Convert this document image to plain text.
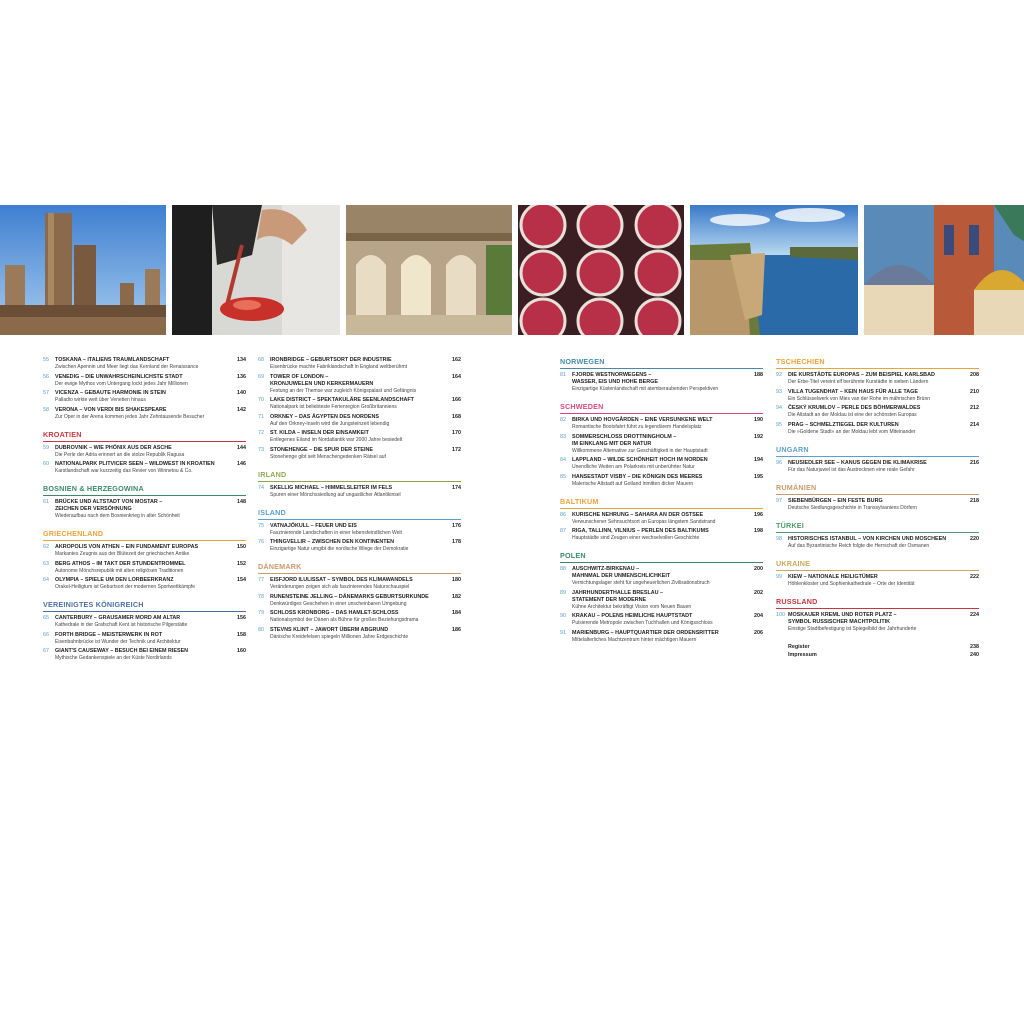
55	TOSKANA – ITALIENS TRAUMLANDSCHAFT	134
Zwischen Apennin und Meer liegt das Kernland der Renaissance
56	VENEDIG – DIE UNWAHRSCHEINLICHSTE STADT	136
Der ewige Mythos vom Untergang lockt jedes Jahr Millionen
57	VICENZA – GEBAUTE HARMONIE IN STEIN	140
Palladio wirkte weit über Venetien hinaus
58	VERONA – VON VERDI BIS SHAKESPEARE	142
Zur Oper in der Arena kommen jedes Jahr Zehntausende Besucher
KROATIEN
59	DUBROVNIK – WIE PHÖNIX AUS DER ASCHE	144
Die Perle der Adria erinnert an die stolze Republik Ragusa
60	NATIONALPARK PLITVICER SEEN – WILDWEST IN KROATIEN	146
Karstlandschaft war kurzzeitig das Revier von Winnetou & Co.
BOSNIEN & HERZEGOWINA
61	BRÜCKE UND ALTSTADT VON MOSTAR –	148
ZEICHEN DER VERSÖHNUNG
Wiederaufbau nach dem Bosnienkrieg in alter Schönheit
GRIECHENLAND
62	AKROPOLIS VON ATHEN – EIN FUNDAMENT EUROPAS	150
Markantes Zeugnis aus der Blütezeit der griechischen Antike
63	BERG ATHOS – IM TAKT DER STUNDENTROMMEL	152
Autonome Mönchsrepublik mit alten religiösen Traditionen
64	OLYMPIA – SPIELE UM DEN LORBEERKRANZ	154
Orakel-Heiligtum ist Geburtsort der modernen Sportwettkämpfe
VEREINIGTES KÖNIGREICH
65	CANTERBURY – GRAUSAMER MORD AM ALTAR	156
Kathedrale in der Grafschaft Kent ist historische Pilgerstätte
66	FORTH BRIDGE – MEISTERWERK IN ROT	158
Eisenbahnbrücke ist Wunder der Technik und Architektur
67	GIANT'S CAUSEWAY – BESUCH BEI EINEM RIESEN	160
Mythische Gedankenspiele an der Küste Nordirlands
68	IRONBRIDGE – GEBURTSORT DER INDUSTRIE	162
Eisenbrücke machte Fabriklandschaft in England weltberühmt
69	TOWER OF LONDON –	164
KRONJUWELEN UND KERKERMAUERN
Festung an der Themse war zugleich Königspalast und Gefängnis
70	LAKE DISTRICT – SPEKTAKULÄRE SEENLANDSCHAFT	166
Nationalpark ist beliebteste Ferienregion Großbritanniens
71	ORKNEY – DAS ÄGYPTEN DES NORDENS	168
Auf den Orkney-Inseln wird die Jungsteinzeit lebendig
72	ST. KILDA – INSELN DER EINSAMKEIT	170
Entlegenes Eiland im Nordatlantik war 2000 Jahre besiedelt
73	STONEHENGE – DIE SPUR DER STEINE	172
Stonehenge gibt seit Menschengedenken Rätsel auf
IRLAND
74	SKELLIG MICHAEL – HIMMELSLEITER IM FELS	174
Spuren einer Mönchssiedlung auf ungastlicher Atlantikinsel
ISLAND
75	VATNAJÖKULL – FEUER UND EIS	176
Faszinierende Landschaften in einer lebensfeindlichen Welt
76	THINGVELLIR – ZWISCHEN DEN KONTINENTEN	178
Einzigartige Natur umgibt die nordische Wiege der Demokratie
DÄNEMARK
77	EISFJORD ILULISSAT – SYMBOL DES KLIMAWANDELS	180
Veränderungen zeigen sich als faszinierendes Naturschauspiel
78	RUNENSTEINE JELLING – DÄNEMARKS GEBURTSURKUNDE	182
Denkwürdiges Geschehen in einer unscheinbaren Umgebung
79	SCHLOSS KRONBORG – DAS HAMLET-SCHLOSS	184
Nationalsymbol der Dänen als Bühne für großes Beziehungsdrama
80	STEVNS KLINT – JAWORT ÜBERM ABGRUND	186
Dänische Kreidefelsen spiegeln Millionen Jahre Erdgeschichte
NORWEGEN
81	FJORDE WESTNORWEGENS –	188
WASSER, EIS UND HOHE BERGE
Einzigartige Küstenlandschaft mit atemberaubenden Perspektiven
SCHWEDEN
82	BIRKA UND HOVGÅRDEN – EINE VERSUNKENE WELT	190
Romantische Bootsfahrt führt zu legendärem Handelsplatz
83	SOMMERSCHLOSS DROTTNINGHOLM –	192
IM EINKLANG MIT DER NATUR
Willkommene Alternative zur Geschäftigkeit in der Hauptstadt
84	LAPPLAND – WILDE SCHÖNHEIT HOCH IM NORDEN	194
Unendliche Weiten am Polarkreis mit unberührter Natur
85	HANSESTADT VISBY – DIE KÖNIGIN DES MEERES	195
Malerische Altstadt auf Gotland inmitten dicker Mauern
BALTIKUM
86	KURISCHE NEHRUNG – SAHARA AN DER OSTSEE	196
Verwunschener Sehnsuchtsort an Europas längstem Sandstrand
87	RIGA, TALLINN, VILNIUS – PERLEN DES BALTIKUMS	198
Hauptstädte sind Zeugen einer wechselvollen Geschichte
POLEN
88	AUSCHWITZ-BIRKENAU –	200
MAHNMAL DER UNMENSCHLICHKEIT
Vernichtungslager steht für ungeheuerlichen Zivilisationsbruch
89	JAHRHUNDERTHALLE BRESLAU –	202
STATEMENT DER MODERNE
Kühne Architektur bekräftigt Vision vom Neuen Bauen
90	KRAKAU – POLENS HEIMLICHE HAUPTSTADT	204
Pulsierende Metropole zwischen Tuchhallen und Königsschloss
91	MARIENBURG – HAUPTQUARTIER DER ORDENSRITTER	206
Mittelalterliches Machtzentrum hinter mächtigen Mauern
TSCHECHIEN
92	DIE KURSTÄDTE EUROPAS – ZUM BEISPIEL KARLSBAD	208
Der Erbe-Titel vereint elf berühmte Kurstädte in sieben Ländern
93	VILLA TUGENDHAT – KEIN HAUS FÜR ALLE TAGE	210
Ein Schlüsselwerk von Mies van der Rohe im mährischen Brünn
94	ČESKÝ KRUMLOV – PERLE DES BÖHMERWALDES	212
Die Altstadt an der Moldau ist eine der schönsten Europas
95	PRAG – SCHMELZTIEGEL DER KULTUREN	214
Die »Goldene Stadt« an der Moldau lebt vom Miteinander
UNGARN
96	NEUSIEDLER SEE – KANUS GEGEN DIE KLIMAKRISE	216
Für das Naturjuwel ist das Austrocknen eine reale Gefahr
RUMÄNIEN
97	SIEBENBÜRGEN – EIN FESTE BURG	218
Deutsche Siedlungsgeschichte in Transsylvaniens Dörfern
TÜRKEI
98	HISTORISCHES ISTANBUL – VON KIRCHEN UND MOSCHEEN	220
Auf das Byzantinische Reich folgte die Herrschaft der Osmanen
UKRAINE
99	KIEW – NATIONALE HEILIGTÜMER	222
Höhlenkloster und Sophienkathedrale – Orte der Identität
RUSSLAND
100 MOSKAUER KREML UND ROTER PLATZ –	224
SYMBOL RUSSISCHER MACHTPOLITIK
Einstige Stadtbefestigung ist Spiegelbild der Jahrhunderte
Register	238
Impressum	240
